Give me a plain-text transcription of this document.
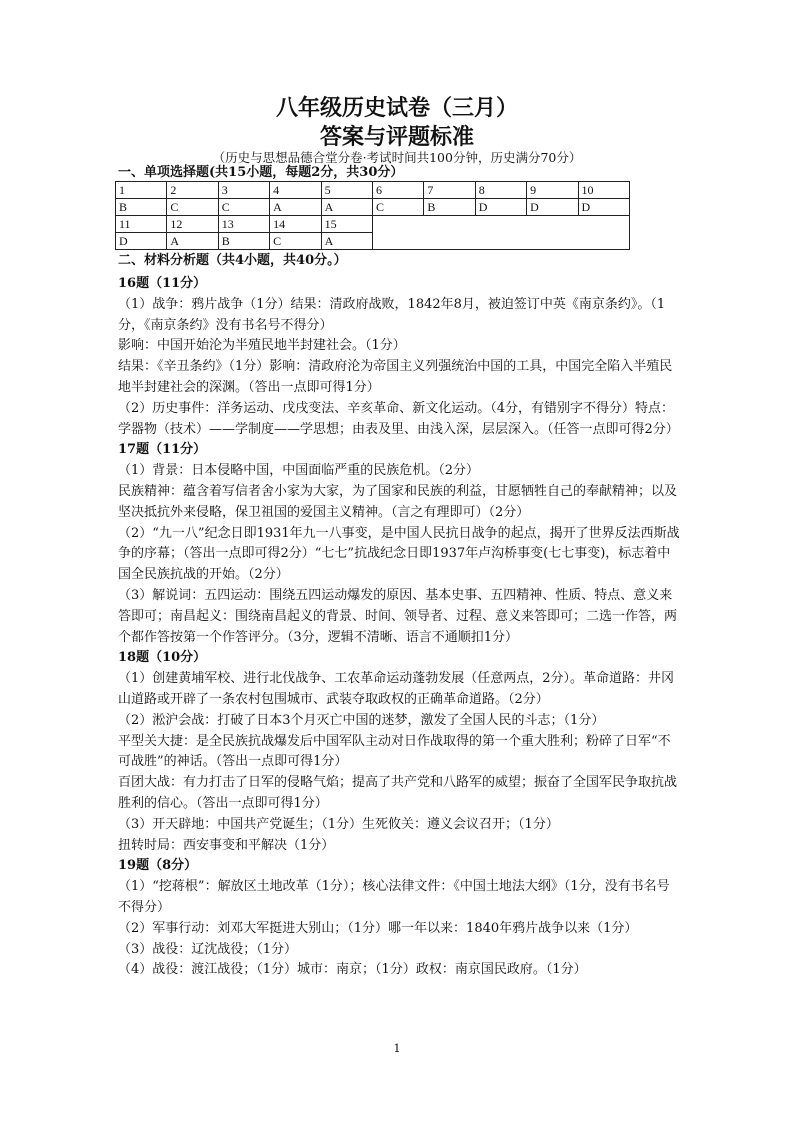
八年级历史试卷（三月）
答案与评题标准
（历史与思想品德合堂分卷·考试时间共100分钟，历史满分70分）
一、单项选择题(共15小题，每题2分，共30分）
1	2	3	4	5	6	7	8	9	10
B	C	C	A	A	C	B	D	D	D
11	12	13	14	15					
D	A	B	C	A					
二、材料分析题（共4小题，共40分。）

16题（11分）

（1）战争：鸦片战争（1分）结果：清政府战败，1842年8月，被迫签订中英《南京条约》。（1分，《南京条约》没有书名号不得分）

影响：中国开始沦为半殖民地半封建社会。（1分）

结果：《辛丑条约》（1分）影响：清政府沦为帝国主义列强统治中国的工具，中国完全陷入半殖民地半封建社会的深渊。（答出一点即可得1分）

（2）历史事件：洋务运动、戊戌变法、辛亥革命、新文化运动。（4分，有错别字不得分）特点：学器物（技术）——学制度——学思想；由表及里、由浅入深，层层深入。（任答一点即可得2分）

17题（11分）

（1）背景：日本侵略中国，中国面临严重的民族危机。（2分）

民族精神：蕴含着写信者舍小家为大家，为了国家和民族的利益，甘愿牺牲自己的奉献精神；以及坚决抵抗外来侵略，保卫祖国的爱国主义精神。（言之有理即可）（2分）

（2）“九一八”纪念日即1931年九一八事变，是中国人民抗日战争的起点，揭开了世界反法西斯战争的序幕；（答出一点即可得2分）“七七”抗战纪念日即1937年卢沟桥事变(七七事变)，标志着中国全民族抗战的开始。（2分）

（3）解说词：五四运动：围绕五四运动爆发的原因、基本史事、五四精神、性质、特点、意义来答即可；南昌起义：围绕南昌起义的背景、时间、领导者、过程、意义来答即可；二选一作答，两个都作答按第一个作答评分。（3分，逻辑不清晰、语言不通顺扣1分）

18题（10分）

（1）创建黄埔军校、进行北伐战争、工农革命运动蓬勃发展（任意两点，2分）。革命道路：井冈山道路或开辟了一条农村包围城市、武装夺取政权的正确革命道路。（2分）

（2）淞沪会战：打破了日本3个月灭亡中国的迷梦，激发了全国人民的斗志；（1分）

平型关大捷：是全民族抗战爆发后中国军队主动对日作战取得的第一个重大胜利；粉碎了日军“不可战胜”的神话。（答出一点即可得1分）

百团大战：有力打击了日军的侵略气焰；提高了共产党和八路军的威望；振奋了全国军民争取抗战胜利的信心。（答出一点即可得1分）

（3）开天辟地：中国共产党诞生；（1分）生死攸关：遵义会议召开；（1分）

扭转时局：西安事变和平解决（1分）

19题（8分）

（1）“挖蒋根”：解放区土地改革（1分）；核心法律文件：《中国土地法大纲》（1分，没有书名号不得分）

（2）军事行动：刘邓大军挺进大别山；（1分）哪一年以来：1840年鸦片战争以来（1分）

（3）战役：辽沈战役；（1分）

（4）战役：渡江战役；（1分）城市：南京；（1分）政权：南京国民政府。（1分）

1
